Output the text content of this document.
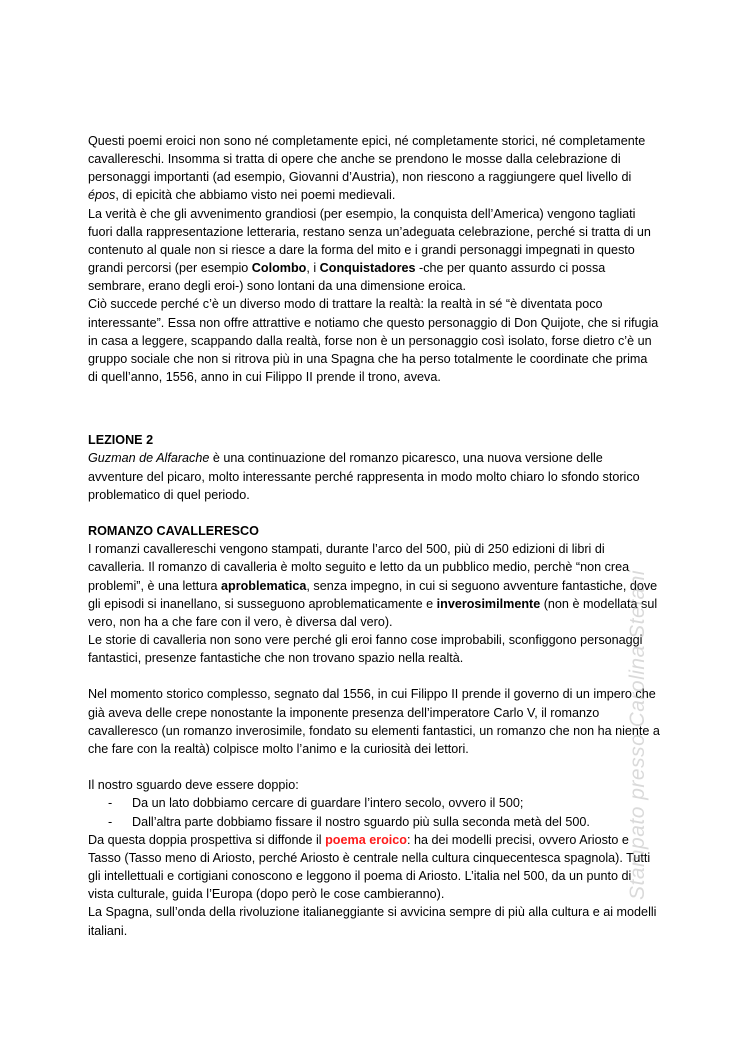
Questi poemi eroici non sono né completamente epici, né completamente storici, né completamente cavallereschi. Insomma si tratta di opere che anche se prendono le mosse dalla celebrazione di personaggi importanti (ad esempio, Giovanni d’Austria), non riescono a raggiungere quel livello di épos, di epicità che abbiamo visto nei poemi medievali.

La verità è che gli avvenimento grandiosi (per esempio, la conquista dell’America) vengono tagliati fuori dalla rappresentazione letteraria, restano senza un’adeguata celebrazione, perché si tratta di un contenuto al quale non si riesce a dare la forma del mito e i grandi personaggi impegnati in questo grandi percorsi (per esempio Colombo, i Conquistadores -che per quanto assurdo ci possa sembrare, erano degli eroi-) sono lontani da una dimensione eroica.

Ciò succede perché c’è un diverso modo di trattare la realtà: la realtà in sé “è diventata poco interessante”. Essa non offre attrattive e notiamo che questo personaggio di Don Quijote, che si rifugia in casa a leggere, scappando dalla realtà, forse non è un personaggio così isolato, forse dietro c’è un gruppo sociale che non si ritrova più in una Spagna che ha perso totalmente le coordinate che prima di quell’anno, 1556, anno in cui Filippo II prende il trono, aveva.

LEZIONE 2

Guzman de Alfarache è una continuazione del romanzo picaresco, una nuova versione delle avventure del picaro, molto interessante perché rappresenta in modo molto chiaro lo sfondo storico problematico di quel periodo.

ROMANZO CAVALLERESCO

I romanzi cavallereschi vengono stampati, durante l’arco del 500, più di 250 edizioni di libri di cavalleria. Il romanzo di cavalleria è molto seguito e letto da un pubblico medio, perchè “non crea problemi”, è una lettura aproblematica, senza impegno, in cui si seguono avventure fantastiche, dove gli episodi si inanellano, si susseguono aproblematicamente e inverosimilmente (non è modellata sul vero, non ha a che fare con il vero, è diversa dal vero).

Le storie di cavalleria non sono vere perché gli eroi fanno cose improbabili, sconfiggono personaggi fantastici, presenze fantastiche che non trovano spazio nella realtà.

Nel momento storico complesso, segnato dal 1556, in cui Filippo II prende il governo di un impero che già aveva delle crepe nonostante la imponente presenza dell’imperatore Carlo V, il romanzo cavalleresco (un romanzo inverosimile, fondato su elementi fantastici, un romanzo che non ha niente a che fare con la realtà) colpisce molto l’animo e la curiosità dei lettori.

Il nostro sguardo deve essere doppio:

- Da un lato dobbiamo cercare di guardare l’intero secolo, ovvero il 500;
- Dall’altra parte dobbiamo fissare il nostro sguardo più sulla seconda metà del 500.

Da questa doppia prospettiva si diffonde il poema eroico: ha dei modelli precisi, ovvero Ariosto e Tasso (Tasso meno di Ariosto, perché Ariosto è centrale nella cultura cinquecentesca spagnola). Tutti gli intellettuali e cortigiani conoscono e leggono il poema di Ariosto. L’italia nel 500, da un punto di vista culturale, guida l’Europa (dopo però le cose cambieranno).

La Spagna, sull’onda della rivoluzione italianeggiante si avvicina sempre di più alla cultura e ai modelli italiani.

Stampato presso Carolina Stefani
